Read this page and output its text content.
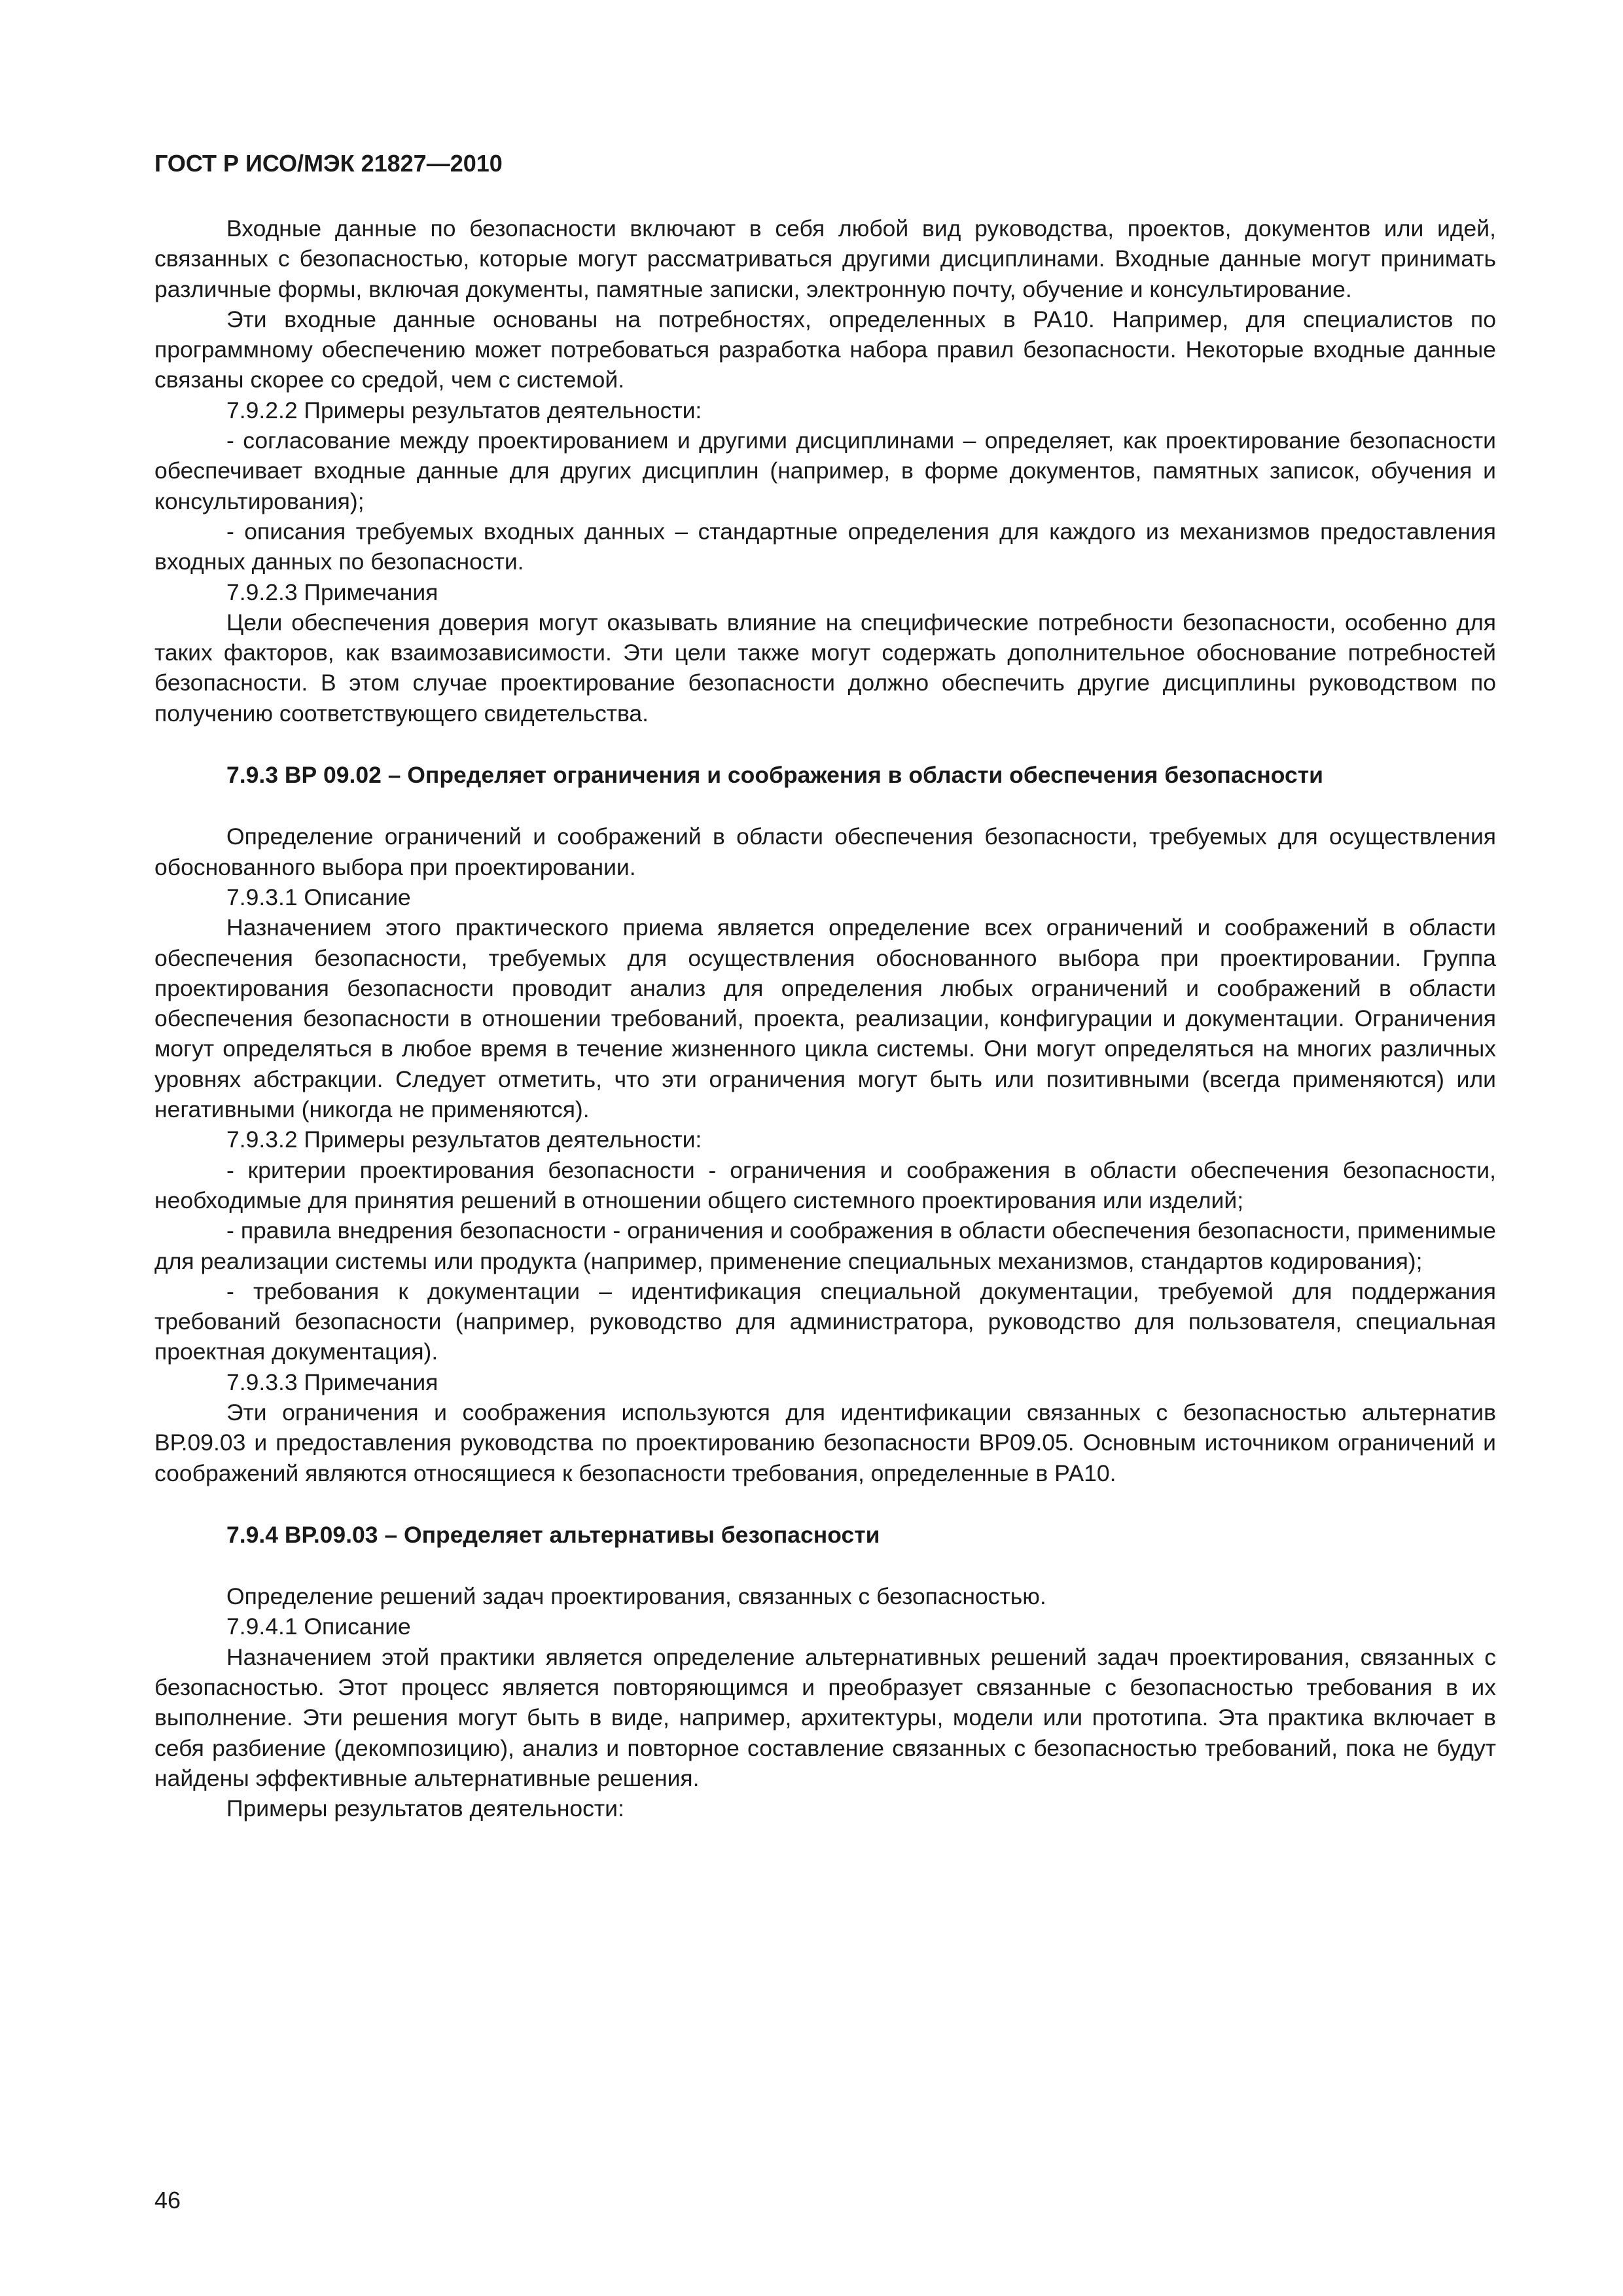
ГОСТ Р ИСО/МЭК 21827—2010

Входные данные по безопасности включают в себя любой вид руководства, проектов, документов или идей, связанных с безопасностью, которые могут рассматриваться другими дисциплинами. Входные данные могут принимать различные формы, включая документы, памятные записки, электронную почту, обучение и консультирование.

Эти входные данные основаны на потребностях, определенных в РА10. Например, для специалистов по программному обеспечению может потребоваться разработка набора правил безопасности. Некоторые входные данные связаны скорее со средой, чем с системой.

7.9.2.2 Примеры результатов деятельности:

- согласование между проектированием и другими дисциплинами – определяет, как проектирование безопасности обеспечивает входные данные для других дисциплин (например, в форме документов, памятных записок, обучения и консультирования);

- описания требуемых входных данных – стандартные определения для каждого из механизмов предоставления входных данных по безопасности.

7.9.2.3 Примечания

Цели обеспечения доверия могут оказывать влияние на специфические потребности безопасности, особенно для таких факторов, как взаимозависимости. Эти цели также могут содержать дополнительное обоснование потребностей безопасности. В этом случае проектирование безопасности должно обеспечить другие дисциплины руководством по получению соответствующего свидетельства.

7.9.3 ВР 09.02 – Определяет ограничения и соображения в области обеспечения безопасности

Определение ограничений и соображений в области обеспечения безопасности, требуемых для осуществления обоснованного выбора при проектировании.

7.9.3.1 Описание

Назначением этого практического приема является определение всех ограничений и соображений в области обеспечения безопасности, требуемых для осуществления обоснованного выбора при проектировании. Группа проектирования безопасности проводит анализ для определения любых ограничений и соображений в области обеспечения безопасности в отношении требований, проекта, реализации, конфигурации и документации. Ограничения могут определяться в любое время в течение жизненного цикла системы. Они могут определяться на многих различных уровнях абстракции. Следует отметить, что эти ограничения могут быть или позитивными (всегда применяются) или негативными (никогда не применяются).

7.9.3.2 Примеры результатов деятельности:

- критерии проектирования безопасности - ограничения и соображения в области обеспечения безопасности, необходимые для принятия решений в отношении общего системного проектирования или изделий;

- правила внедрения безопасности - ограничения и соображения в области обеспечения безопасности, применимые для реализации системы или продукта (например, применение специальных механизмов, стандартов кодирования);

- требования к документации – идентификация специальной документации, требуемой для поддержания требований безопасности (например, руководство для администратора, руководство для пользователя, специальная проектная документация).

7.9.3.3 Примечания

Эти ограничения и соображения используются для идентификации связанных с безопасностью альтернатив ВР.09.03 и предоставления руководства по проектированию безопасности ВР09.05. Основным источником ограничений и соображений являются относящиеся к безопасности требования, определенные в РА10.

7.9.4 ВР.09.03 – Определяет альтернативы безопасности

Определение решений задач проектирования, связанных с безопасностью.

7.9.4.1 Описание

Назначением этой практики является определение альтернативных решений задач проектирования, связанных с безопасностью. Этот процесс является повторяющимся и преобразует связанные с безопасностью требования в их выполнение. Эти решения могут быть в виде, например, архитектуры, модели или прототипа. Эта практика включает в себя разбиение (декомпозицию), анализ и повторное составление связанных с безопасностью требований, пока не будут найдены эффективные альтернативные решения.

Примеры результатов деятельности:

46
